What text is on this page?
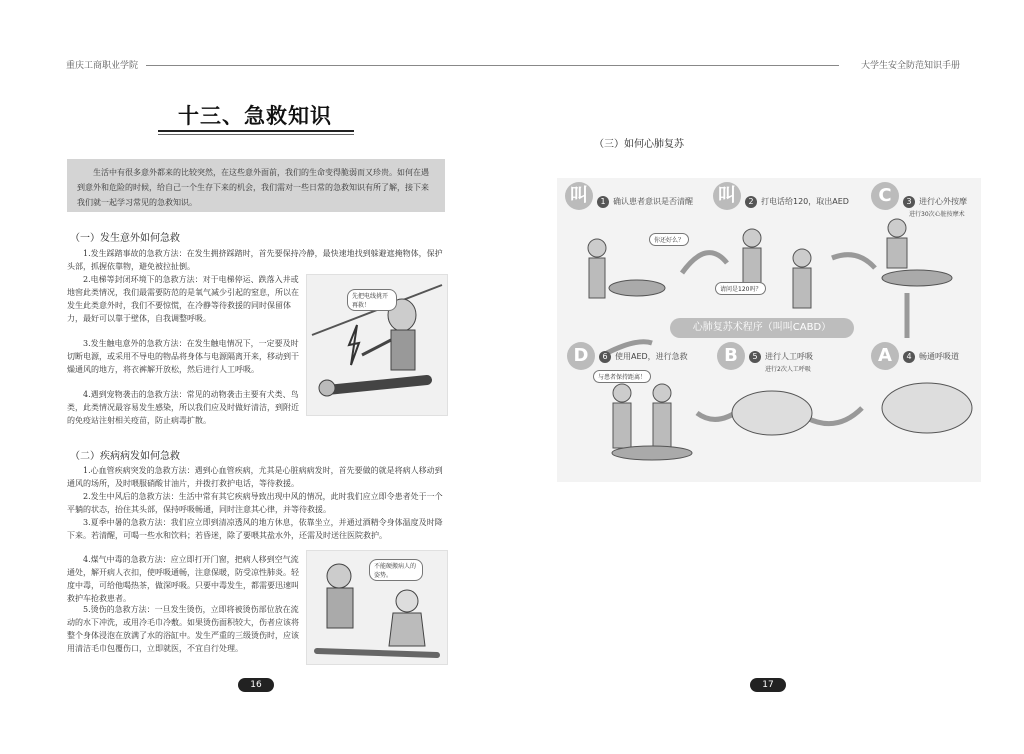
重庆工商职业学院	大学生安全防范知识手册
十三、急救知识
生活中有很多意外都来的比较突然，在这些意外面前，我们的生命变得脆弱而又珍贵。如何在遇到意外和危险的时候，给自己一个生存下来的机会，我们需对一些日常的急救知识有所了解，接下来我们就一起学习常见的急救知识。
（一）发生意外如何急救

1.发生踩踏事故的急救方法：在发生拥挤踩踏时，首先要保持冷静，最快速地找到躲避遮掩物体，保护头部，抓握依靠物，避免被拉扯倒。

2.电梯等封闭环境下的急救方法：对于电梯停运、跌落入井或地窖此类情况，我们最需要防范的是氧气减少引起的窒息，所以在发生此类意外时，我们不要惊慌，在冷静等待救援的同时保留体力，最好可以靠于壁体，自我调整呼吸。

3.发生触电意外的急救方法：在发生触电情况下，一定要及时切断电源，或采用不导电的物品将身体与电源隔离开来，移动到干燥通风的地方，将衣裤解开放松，然后进行人工呼吸。

4.遇到宠物袭击的急救方法：常见的动物袭击主要有犬类、鸟类，此类情况最容易发生感染，所以我们应及时做好清洁，到附近的免疫站注射相关疫苗，防止病毒扩散。

先把电线挑开再救！
（二）疾病病发如何急救

1.心血管疾病突发的急救方法：遇到心血管疾病，尤其是心脏病病发时，首先要做的就是将病人移动到通风的场所，及时喂服硝酸甘油片，并拨打救护电话，等待救援。

2.发生中风后的急救方法：生活中常有其它疾病导致出现中风的情况，此时我们应立即令患者处于一个平躺的状态，抬住其头部，保持呼吸畅通，同时注意其心律，并等待救援。

3.夏季中暑的急救方法：我们应立即到清凉透风的地方休息，依靠坐立，并通过酒精令身体温度及时降下来。若清醒，可喝一些水和饮料；若昏迷，除了要喂其盐水外，还需及时送往医院救护。

4.煤气中毒的急救方法：应立即打开门窗，把病人移到空气流通处，解开病人衣扣，使呼吸通畅，注意保暖，防受凉性肺炎。轻度中毒，可给他喝热茶，做深呼吸。只要中毒发生，都需要迅速叫救护车抢救患者。

5.烫伤的急救方法：一旦发生烫伤，立即将被烫伤部位放在流动的水下冲洗，或用冷毛巾冷敷。如果烫伤面积较大，伤者应该将整个身体浸泡在放满了水的浴缸中。发生严重的三级烫伤时，应该用清洁毛巾包覆伤口，立即就医，不宜自行处理。

不能硬搬病人的姿势。
16
（三）如何心肺复苏
心肺复苏术程序（叫叫CABD）
叫	1 确认患者意识是否清醒
你还好么？
叫	2 打电话给120，取出AED
请问是120吗？
C	3 进行心外按摩
进行30次心脏按摩术
A	4 畅通呼吸道
B	5 进行人工呼吸
进行2次人工呼吸
D	6 使用AED，进行急救
与患者保持距离！
17
